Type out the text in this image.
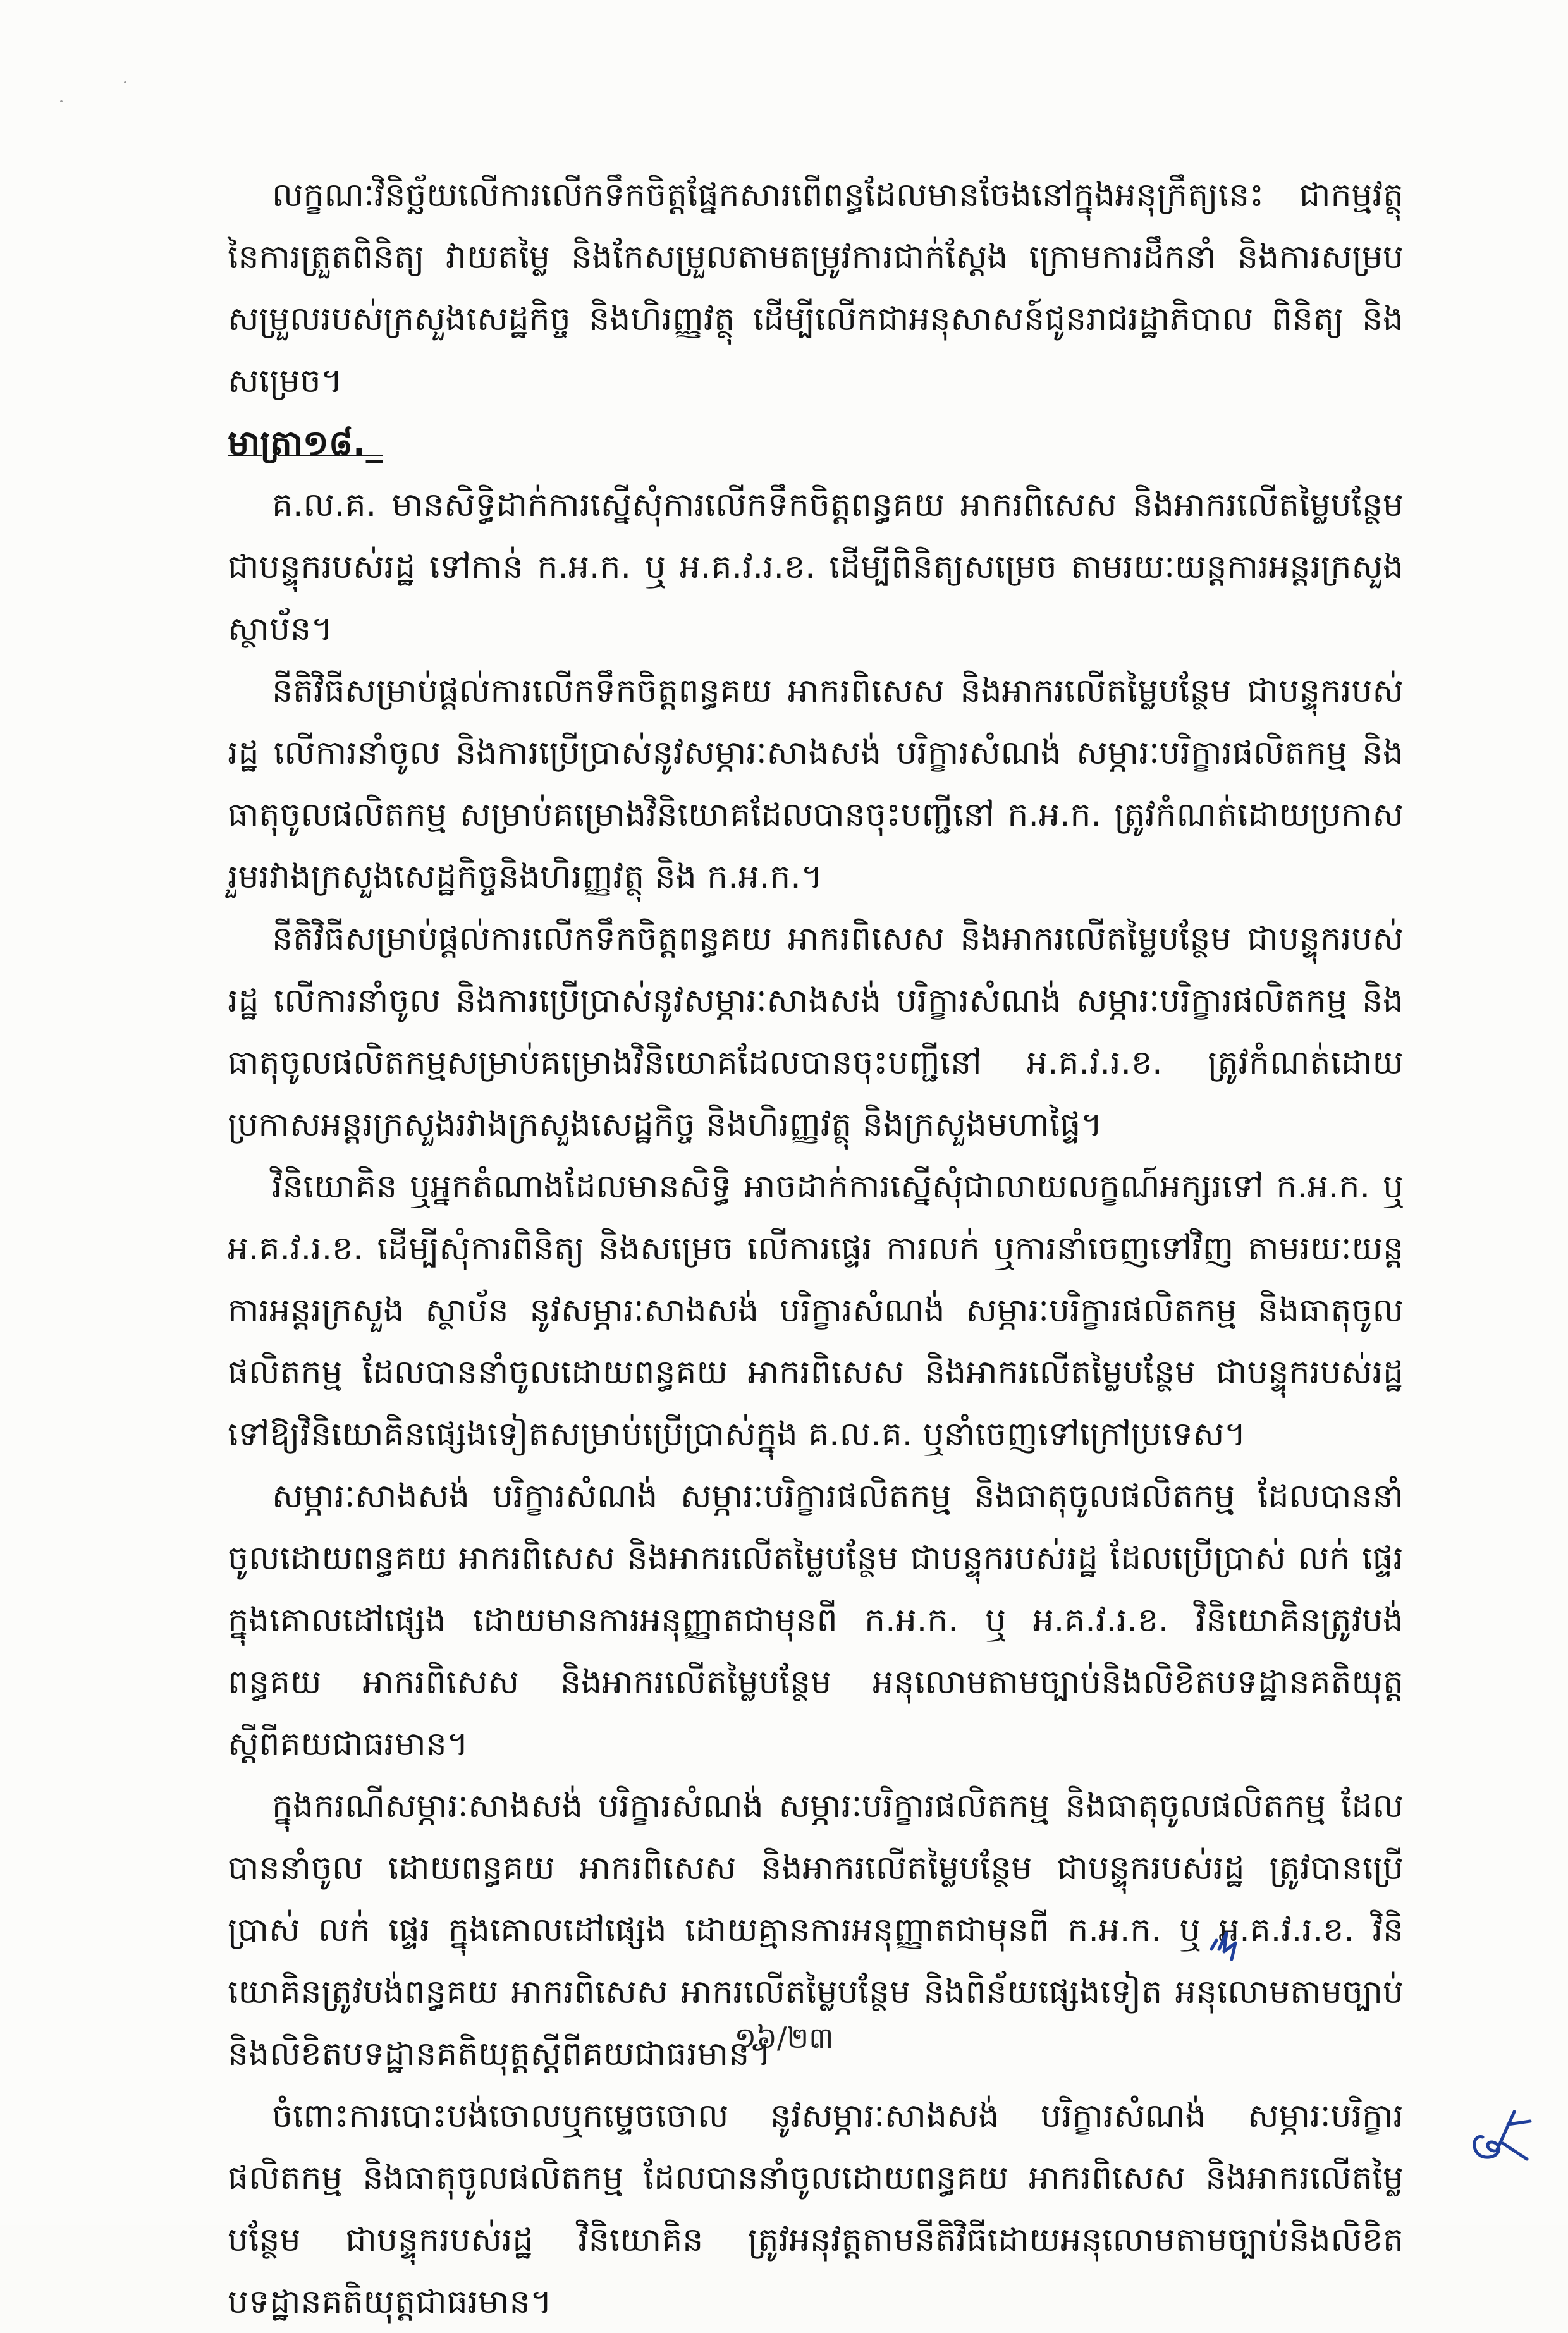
លក្ខណៈវិនិច្ឆ័យលើការលើកទឹកចិត្តផ្នែកសារពើពន្ធដែលមានចែងនៅក្នុងអនុក្រឹត្យនេះ ជាកម្មវត្ថុនៃការត្រួតពិនិត្យ វាយតម្លៃ និងកែសម្រួលតាមតម្រូវការជាក់ស្តែង ក្រោមការដឹកនាំ និងការសម្របសម្រួលរបស់ក្រសួងសេដ្ឋកិច្ច និងហិរញ្ញវត្ថុ ដើម្បីលើកជាអនុសាសន៍ជូនរាជរដ្ឋាភិបាល ពិនិត្យ និងសម្រេច។

មាត្រា១៨._

គ.ល.គ. មានសិទ្ធិដាក់ការស្នើសុំការលើកទឹកចិត្តពន្ធគយ អាករពិសេស និងអាករលើតម្លៃបន្ថែម ជាបន្ទុករបស់រដ្ឋ ទៅកាន់ ក.អ.ក. ឬ អ.គ.វ.រ.ខ. ដើម្បីពិនិត្យសម្រេច តាមរយៈយន្តការអន្តរក្រសួង ស្ថាប័ន។

នីតិវិធីសម្រាប់ផ្តល់ការលើកទឹកចិត្តពន្ធគយ អាករពិសេស និងអាករលើតម្លៃបន្ថែម ជាបន្ទុករបស់រដ្ឋ លើការនាំចូល និងការប្រើប្រាស់នូវសម្ភារៈសាងសង់ បរិក្ខារសំណង់ សម្ភារៈបរិក្ខារផលិតកម្ម និងធាតុចូលផលិតកម្ម សម្រាប់គម្រោងវិនិយោគដែលបានចុះបញ្ជីនៅ ក.អ.ក. ត្រូវកំណត់ដោយប្រកាសរួមរវាងក្រសួងសេដ្ឋកិច្ចនិងហិរញ្ញវត្ថុ និង ក.អ.ក.។

នីតិវិធីសម្រាប់ផ្តល់ការលើកទឹកចិត្តពន្ធគយ អាករពិសេស និងអាករលើតម្លៃបន្ថែម ជាបន្ទុករបស់រដ្ឋ លើការនាំចូល និងការប្រើប្រាស់នូវសម្ភារៈសាងសង់ បរិក្ខារសំណង់ សម្ភារៈបរិក្ខារផលិតកម្ម និងធាតុចូលផលិតកម្មសម្រាប់គម្រោងវិនិយោគដែលបានចុះបញ្ជីនៅ អ.គ.វ.រ.ខ. ត្រូវកំណត់ដោយប្រកាសអន្តរក្រសួងរវាងក្រសួងសេដ្ឋកិច្ច និងហិរញ្ញវត្ថុ និងក្រសួងមហាផ្ទៃ។

វិនិយោគិន ឬអ្នកតំណាងដែលមានសិទ្ធិ អាចដាក់ការស្នើសុំជាលាយលក្ខណ៍អក្សរទៅ ក.អ.ក. ឬ អ.គ.វ.រ.ខ. ដើម្បីសុំការពិនិត្យ និងសម្រេច លើការផ្ទេរ ការលក់ ឬការនាំចេញទៅវិញ តាមរយៈយន្តការអន្តរក្រសួង ស្ថាប័ន នូវសម្ភារៈសាងសង់ បរិក្ខារសំណង់ សម្ភារៈបរិក្ខារផលិតកម្ម និងធាតុចូលផលិតកម្ម ដែលបាននាំចូលដោយពន្ធគយ អាករពិសេស និងអាករលើតម្លៃបន្ថែម ជាបន្ទុករបស់រដ្ឋ ទៅឱ្យវិនិយោគិនផ្សេងទៀតសម្រាប់ប្រើប្រាស់ក្នុង គ.ល.គ. ឬនាំចេញទៅក្រៅប្រទេស។

សម្ភារៈសាងសង់ បរិក្ខារសំណង់ សម្ភារៈបរិក្ខារផលិតកម្ម និងធាតុចូលផលិតកម្ម ដែលបាននាំចូលដោយពន្ធគយ អាករពិសេស និងអាករលើតម្លៃបន្ថែម ជាបន្ទុករបស់រដ្ឋ ដែលប្រើប្រាស់ លក់ ផ្ទេរ ក្នុងគោលដៅផ្សេង ដោយមានការអនុញ្ញាតជាមុនពី ក.អ.ក. ឬ អ.គ.វ.រ.ខ. វិនិយោគិនត្រូវបង់ពន្ធគយ អាករពិសេស និងអាករលើតម្លៃបន្ថែម អនុលោមតាមច្បាប់និងលិខិតបទដ្ឋានគតិយុត្តស្តីពីគយជាធរមាន។

ក្នុងករណីសម្ភារៈសាងសង់ បរិក្ខារសំណង់ សម្ភារៈបរិក្ខារផលិតកម្ម និងធាតុចូលផលិតកម្ម ដែលបាននាំចូល ដោយពន្ធគយ អាករពិសេស និងអាករលើតម្លៃបន្ថែម ជាបន្ទុករបស់រដ្ឋ ត្រូវបានប្រើប្រាស់ លក់ ផ្ទេរ ក្នុងគោលដៅផ្សេង ដោយគ្មានការអនុញ្ញាតជាមុនពី ក.អ.ក. ឬ អ.គ.វ.រ.ខ. វិនិយោគិនត្រូវបង់ពន្ធគយ អាករពិសេស អាករលើតម្លៃបន្ថែម និងពិន័យផ្សេងទៀត អនុលោមតាមច្បាប់និងលិខិតបទដ្ឋានគតិយុត្តស្តីពីគយជាធរមាន។

ចំពោះការបោះបង់ចោលឬកម្ទេចចោល នូវសម្ភារៈសាងសង់ បរិក្ខារសំណង់ សម្ភារៈបរិក្ខារផលិតកម្ម និងធាតុចូលផលិតកម្ម ដែលបាននាំចូលដោយពន្ធគយ អាករពិសេស និងអាករលើតម្លៃបន្ថែម ជាបន្ទុករបស់រដ្ឋ វិនិយោគិន ត្រូវអនុវត្តតាមនីតិវិធីដោយអនុលោមតាមច្បាប់និងលិខិតបទដ្ឋានគតិយុត្តជាធរមាន។

១៦/២៣
